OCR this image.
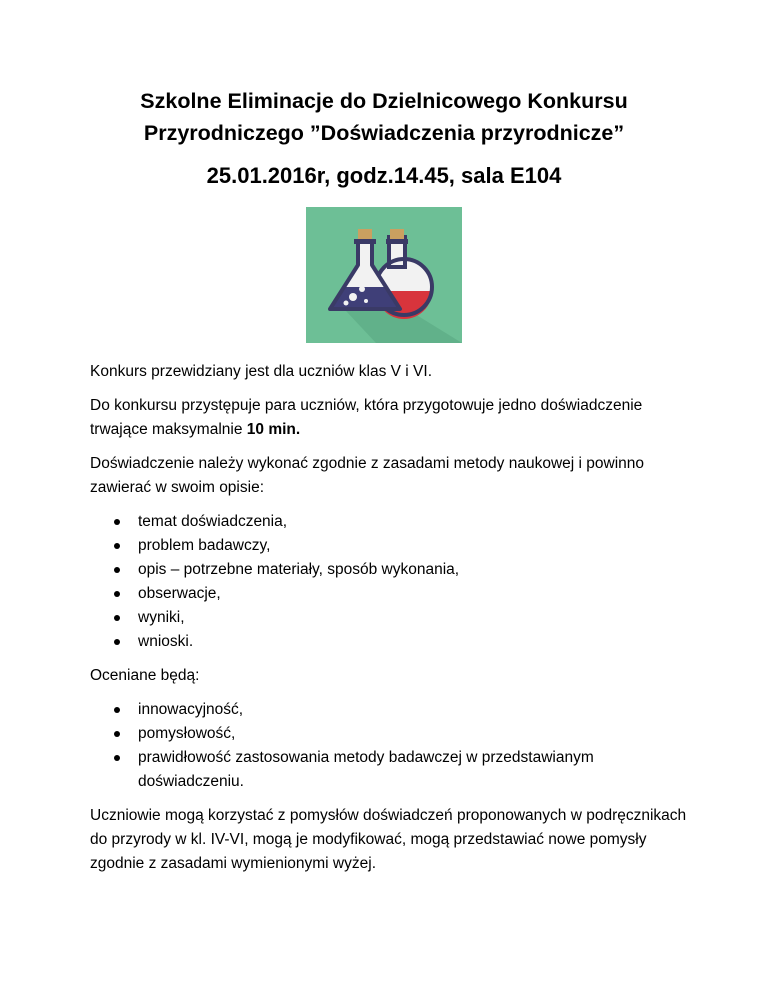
Szkolne Eliminacje do Dzielnicowego Konkursu
Przyrodniczego ”Doświadczenia przyrodnicze”
25.01.2016r, godz.14.45, sala E104

Konkurs przewidziany jest dla uczniów klas V i VI.

Do konkursu przystępuje para uczniów, która przygotowuje jedno doświadczenie trwające maksymalnie 10 min.

Doświadczenie należy wykonać zgodnie z zasadami metody naukowej i powinno zawierać w swoim opisie:

temat doświadczenia,
problem badawczy,
opis – potrzebne materiały, sposób wykonania,
obserwacje,
wyniki,
wnioski.

Oceniane będą:

innowacyjność,
pomysłowość,
prawidłowość zastosowania metody badawczej w przedstawianym doświadczeniu.

Uczniowie mogą korzystać z pomysłów doświadczeń proponowanych w podręcznikach do przyrody w kl. IV-VI, mogą je modyfikować, mogą przedstawiać nowe pomysły zgodnie z zasadami wymienionymi wyżej.
